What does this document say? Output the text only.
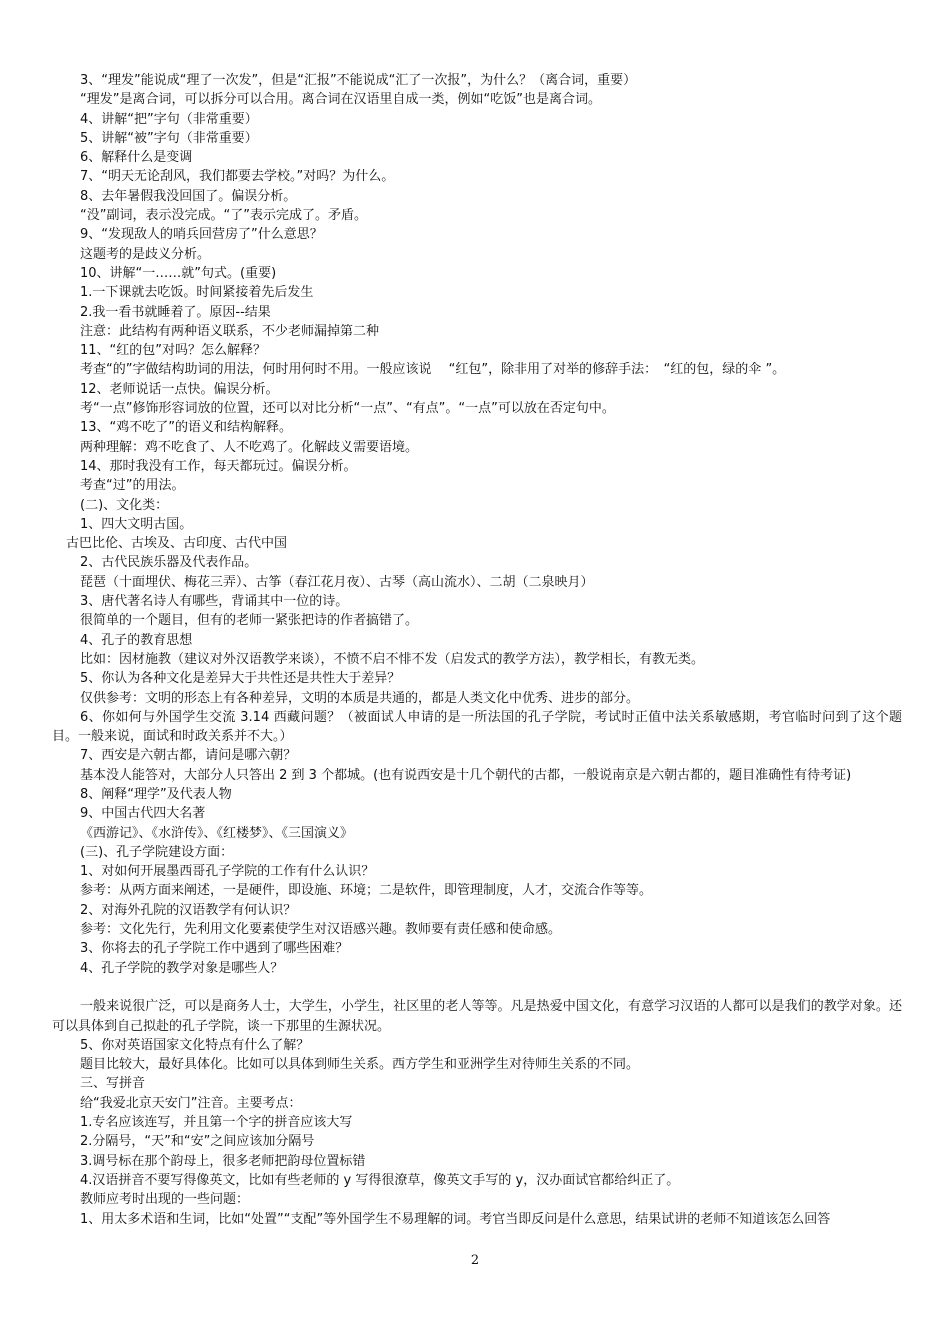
3、“理发”能说成“理了一次发”，但是“汇报”不能说成“汇了一次报”，为什么？（离合词，重要）
“理发”是离合词，可以拆分可以合用。离合词在汉语里自成一类，例如“吃饭”也是离合词。
4、讲解“把”字句（非常重要）
5、讲解“被”字句（非常重要）
6、解释什么是变调
7、“明天无论刮风，我们都要去学校。”对吗？为什么。
8、去年暑假我没回国了。偏误分析。
“没”副词，表示没完成。“了”表示完成了。矛盾。
9、“发现敌人的哨兵回营房了”什么意思？
这题考的是歧义分析。
10、讲解“一……就”句式。(重要)
1.一下课就去吃饭。时间紧接着先后发生
2.我一看书就睡着了。原因--结果
注意：此结构有两种语义联系，不少老师漏掉第二种
11、“红的包”对吗？怎么解释？
考查“的”字做结构助词的用法，何时用何时不用。一般应该说　 “红包”，除非用了对举的修辞手法：　“红的包，绿的伞 ”。
12、老师说话一点快。偏误分析。
考“一点”修饰形容词放的位置，还可以对比分析“一点”、“有点”。“一点”可以放在否定句中。
13、“鸡不吃了”的语义和结构解释。
两种理解：鸡不吃食了、人不吃鸡了。化解歧义需要语境。
14、那时我没有工作，每天都玩过。偏误分析。
考查“过”的用法。
(二)、文化类：
1、四大文明古国。
古巴比伦、古埃及、古印度、古代中国
2、古代民族乐器及代表作品。
琵琶（十面埋伏、梅花三弄）、古筝（春江花月夜）、古琴（高山流水）、二胡（二泉映月）
3、唐代著名诗人有哪些，背诵其中一位的诗。
很简单的一个题目，但有的老师一紧张把诗的作者搞错了。
4、孔子的教育思想
比如：因材施教（建议对外汉语教学来谈），不愤不启不悱不发（启发式的教学方法），教学相长，有教无类。
5、你认为各种文化是差异大于共性还是共性大于差异？
仅供参考：文明的形态上有各种差异，文明的本质是共通的，都是人类文化中优秀、进步的部分。
6、你如何与外国学生交流 3.14 西藏问题？（被面试人申请的是一所法国的孔子学院，考试时正值中法关系敏感期，考官临时问到了这个题目。一般来说，面试和时政关系并不大。）
7、西安是六朝古都，请问是哪六朝？
基本没人能答对，大部分人只答出 2 到 3 个都城。(也有说西安是十几个朝代的古都，一般说南京是六朝古都的，题目准确性有待考证)
8、阐释“理学”及代表人物
9、中国古代四大名著
《西游记》、《水浒传》、《红楼梦》、《三国演义》
(三)、孔子学院建设方面：
1、对如何开展墨西哥孔子学院的工作有什么认识？
参考：从两方面来阐述，一是硬件，即设施、环境；二是软件，即管理制度，人才，交流合作等等。
2、对海外孔院的汉语教学有何认识？
参考：文化先行，先利用文化要素使学生对汉语感兴趣。教师要有责任感和使命感。
3、你将去的孔子学院工作中遇到了哪些困难？
4、孔子学院的教学对象是哪些人？
一般来说很广泛，可以是商务人士，大学生，小学生，社区里的老人等等。凡是热爱中国文化，有意学习汉语的人都可以是我们的教学对象。还可以具体到自己拟赴的孔子学院，谈一下那里的生源状况。
5、你对英语国家文化特点有什么了解？
题目比较大，最好具体化。比如可以具体到师生关系。西方学生和亚洲学生对待师生关系的不同。
三、写拼音
给“我爱北京天安门”注音。主要考点：
1.专名应该连写，并且第一个字的拼音应该大写
2.分隔号，“天”和“安”之间应该加分隔号
3.调号标在那个韵母上，很多老师把韵母位置标错
4.汉语拼音不要写得像英文，比如有些老师的 y 写得很潦草，像英文手写的 y，汉办面试官都给纠正了。
教师应考时出现的一些问题：
1、用太多术语和生词，比如“处置”“支配”等外国学生不易理解的词。考官当即反问是什么意思，结果试讲的老师不知道该怎么回答
2
